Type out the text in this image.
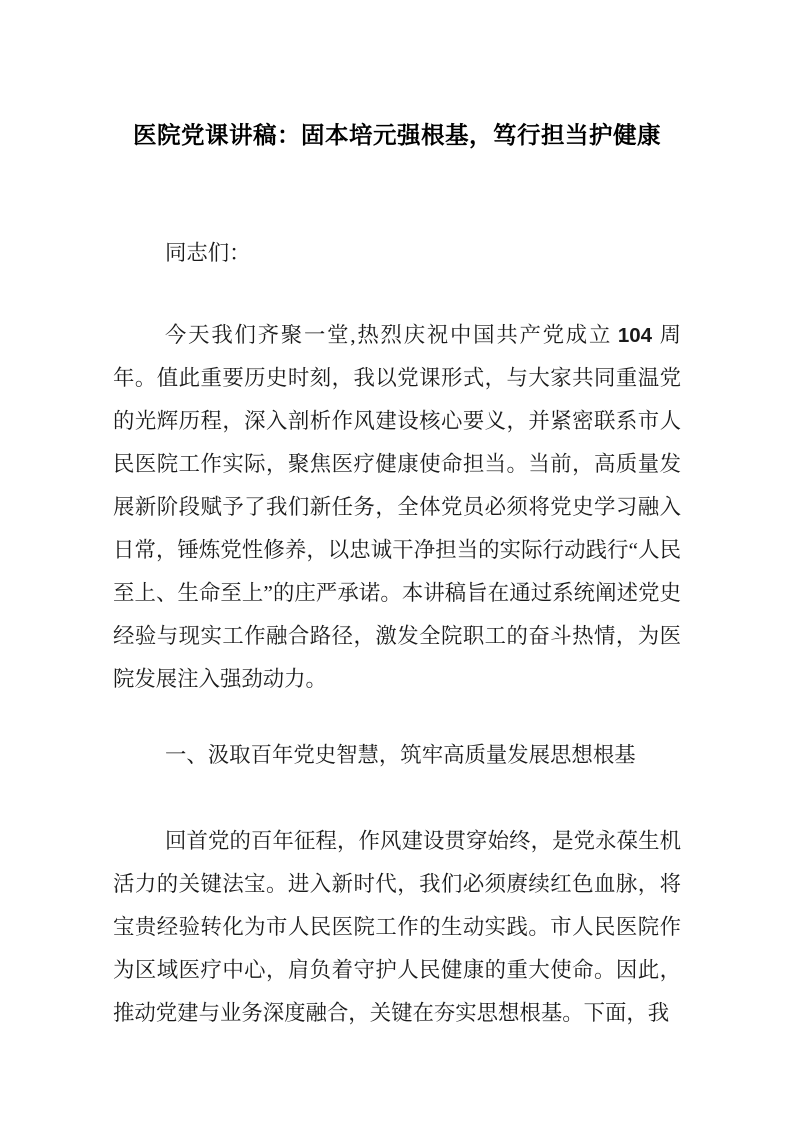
医院党课讲稿：固本培元强根基，笃行担当护健康

同志们：

今天我们齐聚一堂,热烈庆祝中国共产党成立 104 周年。值此重要历史时刻，我以党课形式，与大家共同重温党的光辉历程，深入剖析作风建设核心要义，并紧密联系市人民医院工作实际，聚焦医疗健康使命担当。当前，高质量发展新阶段赋予了我们新任务，全体党员必须将党史学习融入日常，锤炼党性修养，以忠诚干净担当的实际行动践行“人民至上、生命至上”的庄严承诺。本讲稿旨在通过系统阐述党史经验与现实工作融合路径，激发全院职工的奋斗热情，为医院发展注入强劲动力。

一、汲取百年党史智慧，筑牢高质量发展思想根基

回首党的百年征程，作风建设贯穿始终，是党永葆生机活力的关键法宝。进入新时代，我们必须赓续红色血脉，将宝贵经验转化为市人民医院工作的生动实践。市人民医院作为区域医疗中心，肩负着守护人民健康的重大使命。因此，推动党建与业务深度融合，关键在夯实思想根基。下面，我
